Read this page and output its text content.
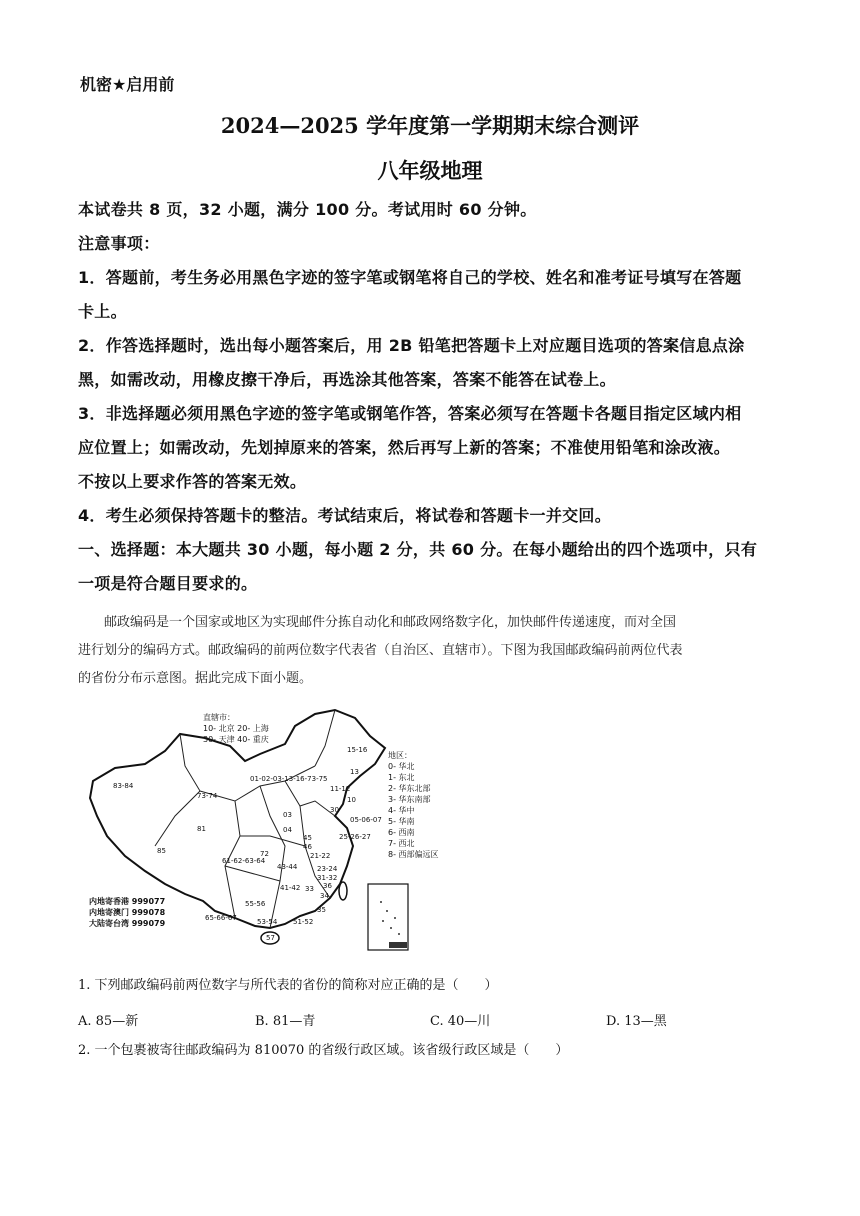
机密★启用前
2024—2025 学年度第一学期期末综合测评
八年级地理
本试卷共 8 页，32 小题，满分 100 分。考试用时 60 分钟。
注意事项：
1．答题前，考生务必用黑色字迹的签字笔或钢笔将自己的学校、姓名和准考证号填写在答题
卡上。
2．作答选择题时，选出每小题答案后，用 2B 铅笔把答题卡上对应题目选项的答案信息点涂
黑，如需改动，用橡皮擦干净后，再选涂其他答案，答案不能答在试卷上。
3．非选择题必须用黑色字迹的签字笔或钢笔作答，答案必须写在答题卡各题目指定区域内相
应位置上；如需改动，先划掉原来的答案，然后再写上新的答案；不准使用铅笔和涂改液。
不按以上要求作答的答案无效。
4．考生必须保持答题卡的整洁。考试结束后，将试卷和答题卡一并交回。
一、选择题：本大题共 30 小题，每小题 2 分，共 60 分。在每小题给出的四个选项中，只有
一项是符合题目要求的。
邮政编码是一个国家或地区为实现邮件分拣自动化和邮政网络数字化，加快邮件传递速度，而对全国
进行划分的编码方式。邮政编码的前两位数字代表省（自治区、直辖市）。下图为我国邮政编码前两位代表
的省份分布示意图。据此完成下面小题。
直辖市：
10- 北京 20- 上海
30- 天津 40- 重庆
地区：
0- 华北
1- 东北
2- 华东北部
3- 华东南部
4- 华中
5- 华南
6- 西南
7- 西北
8- 西部偏远区
内地寄香港 999077
内地寄澳门 999078
大陆寄台湾 999079
83-84
73-74
81
85
61-62-63-64
15-16
13
11-12
01-02-03-13-16-73-75
10
30
05-06-07
03
04
45
46
25-26-27
72	21-22
43-44	23-24
31-32
41-42 33
34
35
36
55-56
53-54 51-52
57
65-66-67
1. 下列邮政编码前两位数字与所代表的省份的简称对应正确的是（　　）
A. 85—新	B. 81—青	C. 40—川	D. 13—黑
2. 一个包裹被寄往邮政编码为 810070 的省级行政区域。该省级行政区域是（　　）
